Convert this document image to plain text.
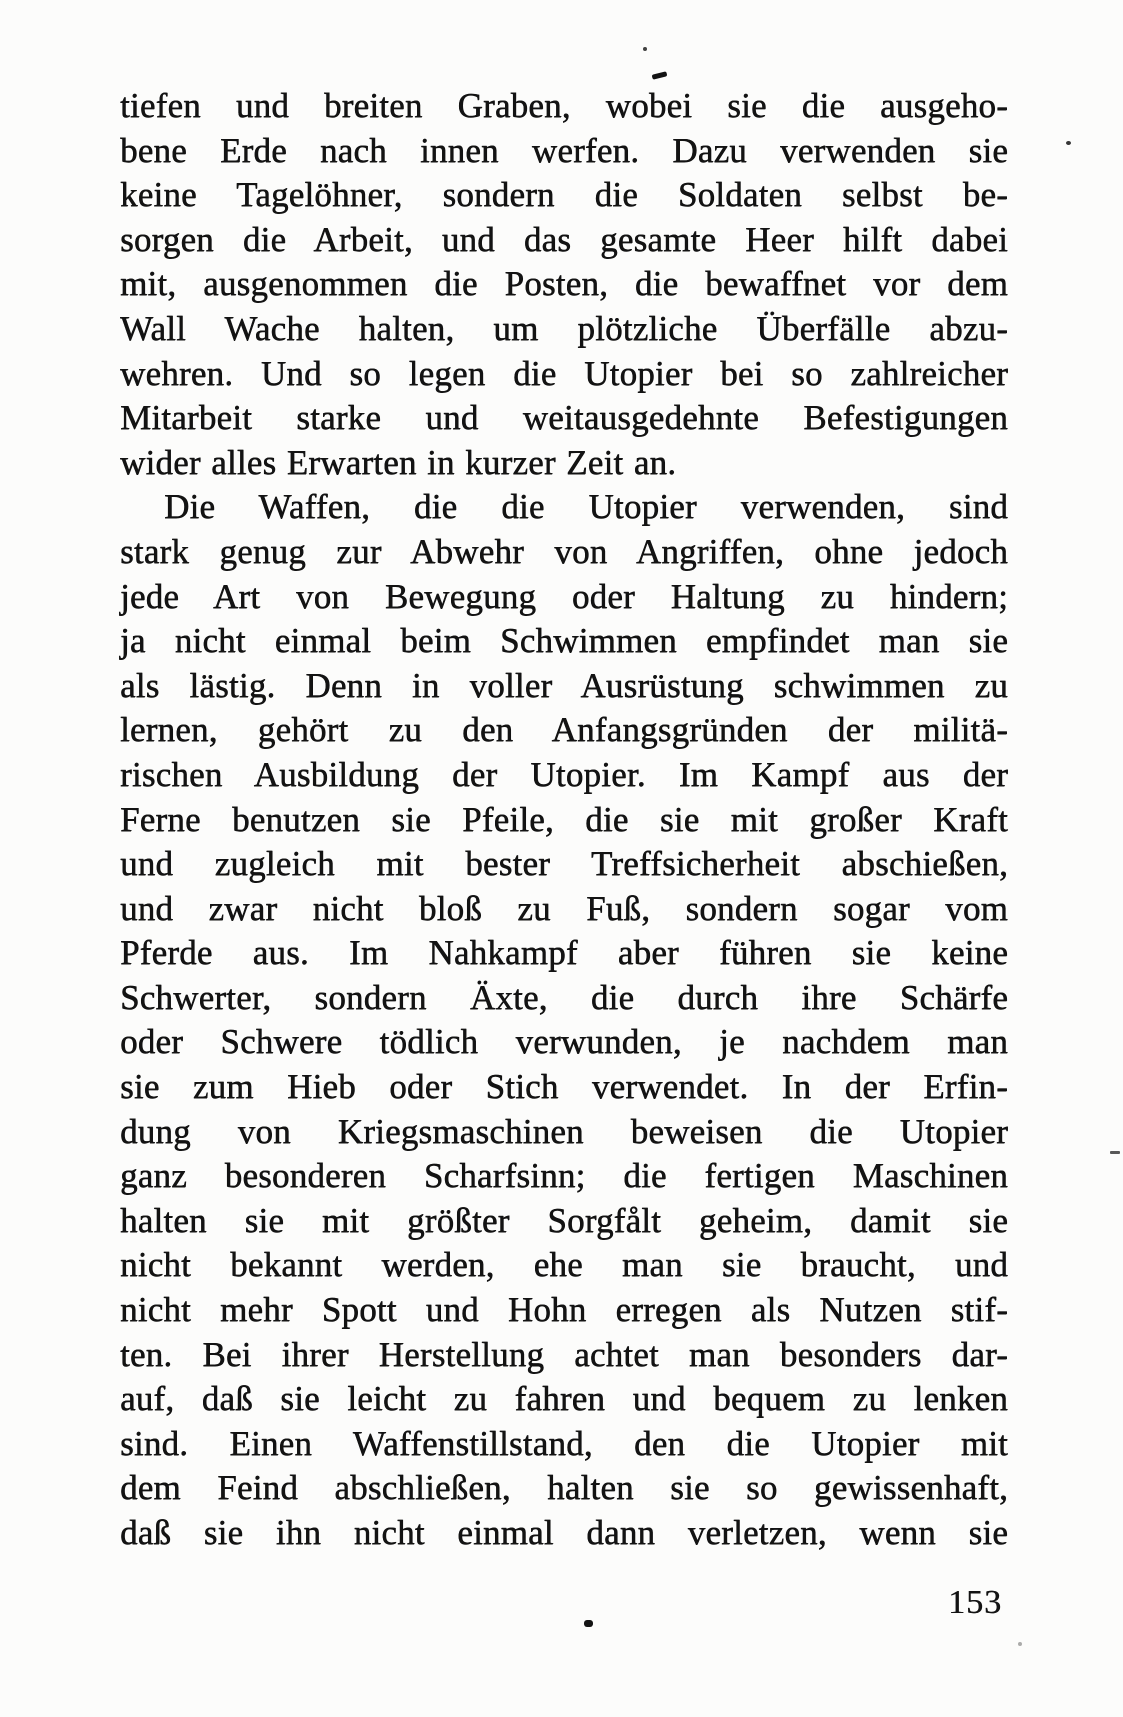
tiefen und breiten Graben, wobei sie die ausgeho-
bene Erde nach innen werfen. Dazu verwenden sie
keine Tagelöhner, sondern die Soldaten selbst be-
sorgen die Arbeit, und das gesamte Heer hilft dabei
mit, ausgenommen die Posten, die bewaffnet vor dem
Wall Wache halten, um plötzliche Überfälle abzu-
wehren. Und so legen die Utopier bei so zahlreicher
Mitarbeit starke und weitausgedehnte Befestigungen
wider alles Erwarten in kurzer Zeit an.
Die Waffen, die die Utopier verwenden, sind
stark genug zur Abwehr von Angriffen, ohne jedoch
jede Art von Bewegung oder Haltung zu hindern;
ja nicht einmal beim Schwimmen empfindet man sie
als lästig. Denn in voller Ausrüstung schwimmen zu
lernen, gehört zu den Anfangsgründen der militä-
rischen Ausbildung der Utopier. Im Kampf aus der
Ferne benutzen sie Pfeile, die sie mit großer Kraft
und zugleich mit bester Treffsicherheit abschießen,
und zwar nicht bloß zu Fuß, sondern sogar vom
Pferde aus. Im Nahkampf aber führen sie keine
Schwerter, sondern Äxte, die durch ihre Schärfe
oder Schwere tödlich verwunden, je nachdem man
sie zum Hieb oder Stich verwendet. In der Erfin-
dung von Kriegsmaschinen beweisen die Utopier
ganz besonderen Scharfsinn; die fertigen Maschinen
halten sie mit größter Sorgfålt geheim, damit sie
nicht bekannt werden, ehe man sie braucht, und
nicht mehr Spott und Hohn erregen als Nutzen stif-
ten. Bei ihrer Herstellung achtet man besonders dar-
auf, daß sie leicht zu fahren und bequem zu lenken
sind. Einen Waffenstillstand, den die Utopier mit
dem Feind abschließen, halten sie so gewissenhaft,
daß sie ihn nicht einmal dann verletzen, wenn sie
153
